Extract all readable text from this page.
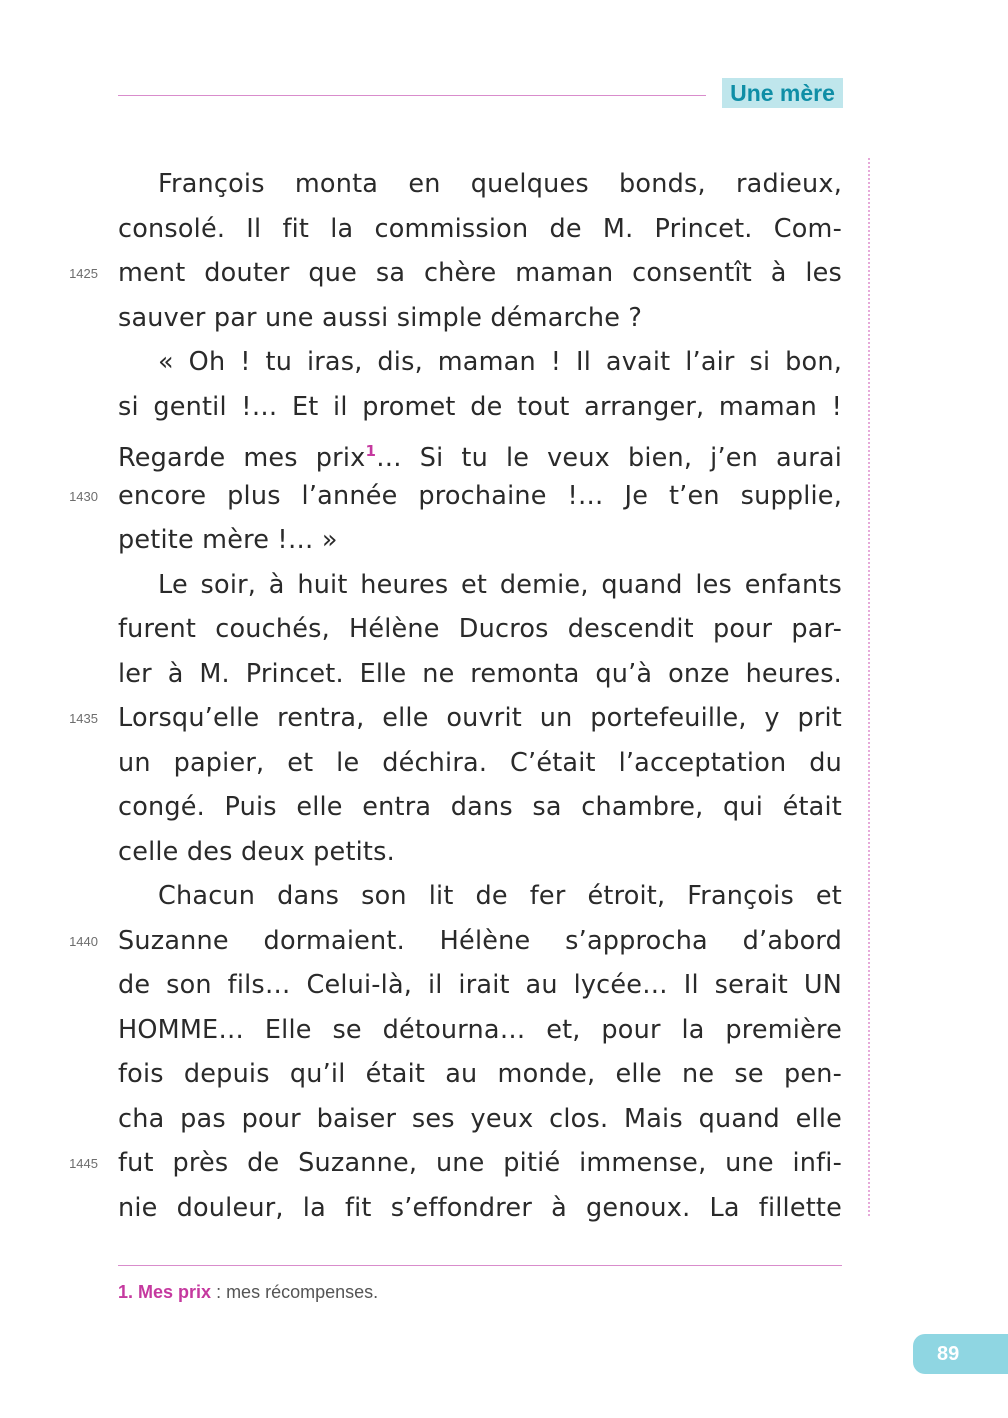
Une mère
François monta en quelques bonds, radieux,
consolé. Il fit la commission de M. Princet. Com-
ment douter que sa chère maman consentît à les
sauver par une aussi simple démarche ?
« Oh ! tu iras, dis, maman ! Il avait l’air si bon,
si gentil !… Et il promet de tout arranger, maman !
Regarde mes prix$^1$… Si tu le veux bien, j’en aurai
encore plus l’année prochaine !… Je t’en supplie,
petite mère !… »
Le soir, à huit heures et demie, quand les enfants
furent couchés, Hélène Ducros descendit pour par-
ler à M. Princet. Elle ne remonta qu’à onze heures.
Lorsqu’elle rentra, elle ouvrit un portefeuille, y prit
un papier, et le déchira. C’était l’acceptation du
congé. Puis elle entra dans sa chambre, qui était
celle des deux petits.
Chacun dans son lit de fer étroit, François et
Suzanne dormaient. Hélène s’approcha d’abord
de son fils… Celui-là, il irait au lycée… Il serait UN
HOMME… Elle se détourna… et, pour la première
fois depuis qu’il était au monde, elle ne se pen-
cha pas pour baiser ses yeux clos. Mais quand elle
fut près de Suzanne, une pitié immense, une infi-
nie douleur, la fit s’effondrer à genoux. La fillette
1425
1430
1435
1440
1445
1. Mes prix : mes récompenses.
89
